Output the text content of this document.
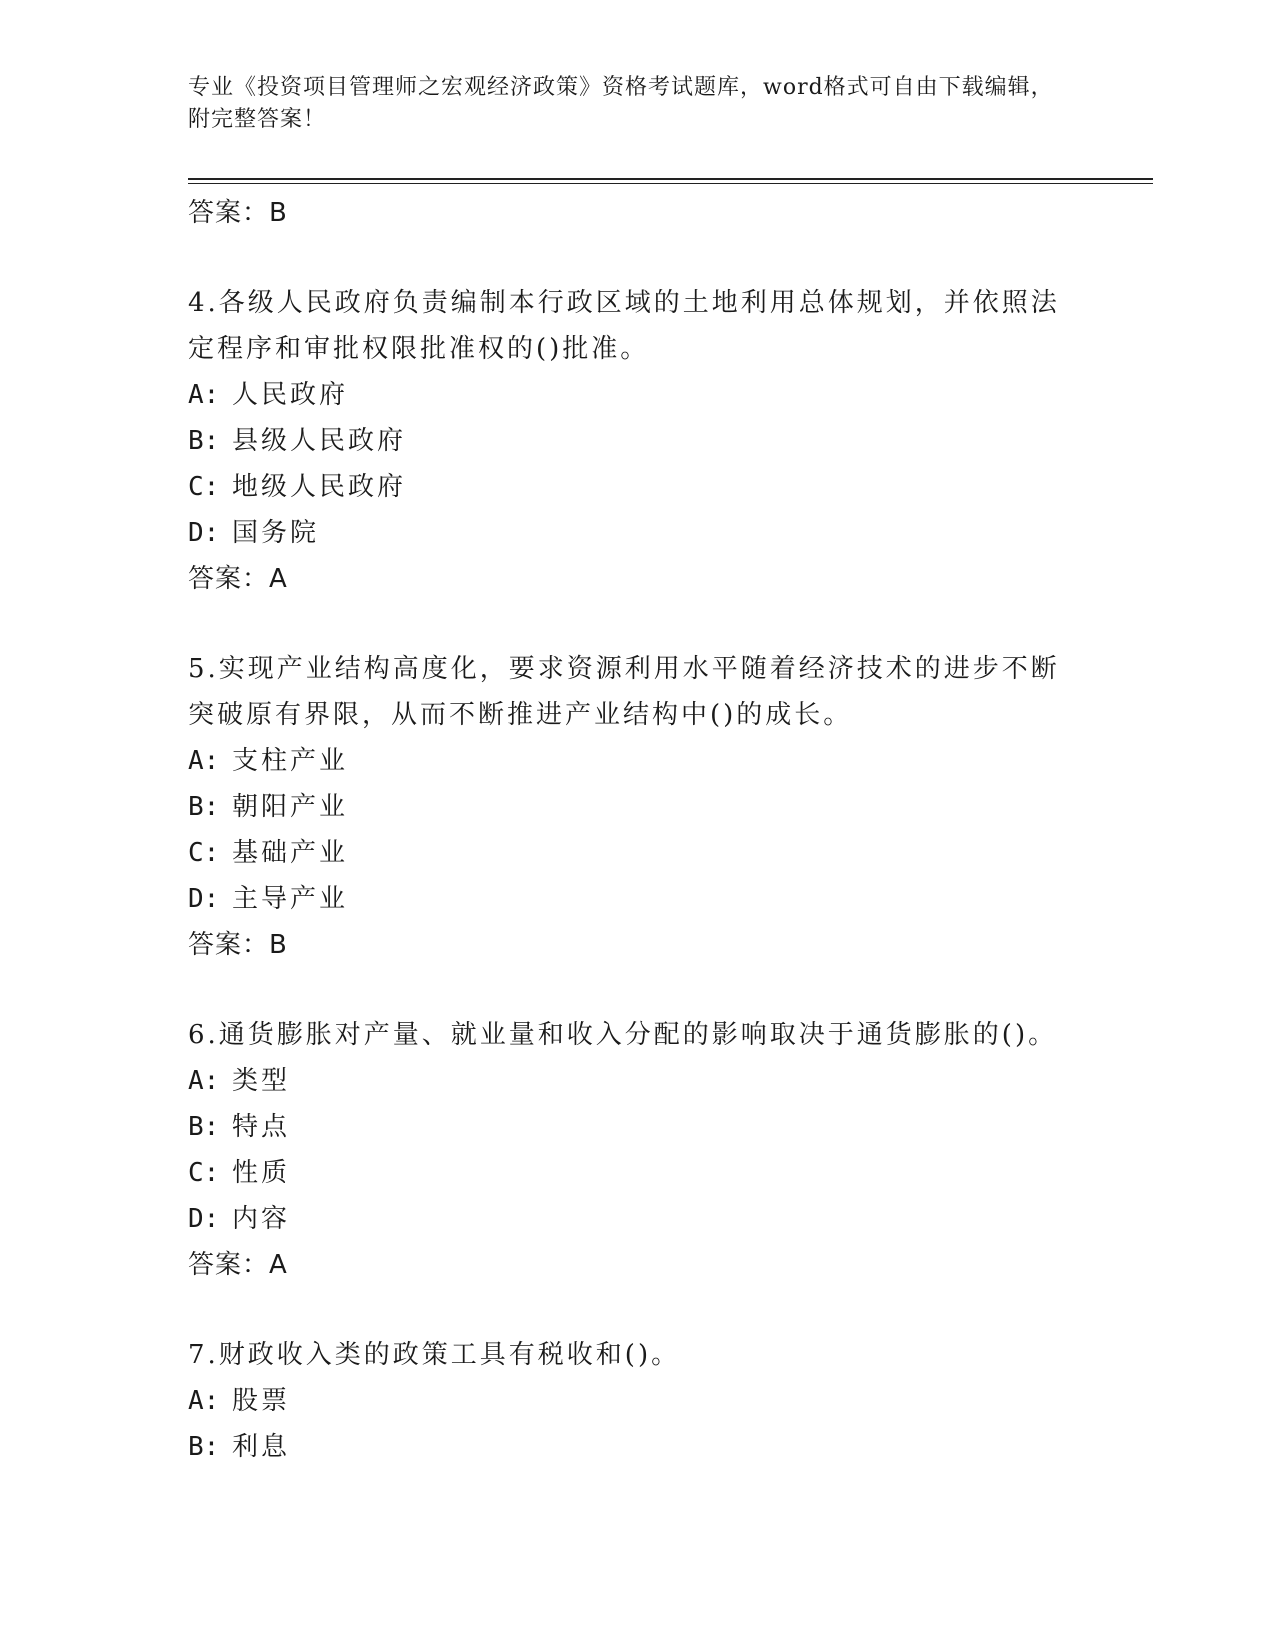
专业《投资项目管理师之宏观经济政策》资格考试题库，word格式可自由下载编辑，附完整答案！
答案：B
4.各级人民政府负责编制本行政区域的土地利用总体规划，并依照法定程序和审批权限批准权的()批准。
A: 人民政府
B: 县级人民政府
C: 地级人民政府
D: 国务院
答案：A
5.实现产业结构高度化，要求资源利用水平随着经济技术的进步不断突破原有界限，从而不断推进产业结构中()的成长。
A: 支柱产业
B: 朝阳产业
C: 基础产业
D: 主导产业
答案：B
6.通货膨胀对产量、就业量和收入分配的影响取决于通货膨胀的()。
A: 类型
B: 特点
C: 性质
D: 内容
答案：A
7.财政收入类的政策工具有税收和()。
A: 股票
B: 利息
